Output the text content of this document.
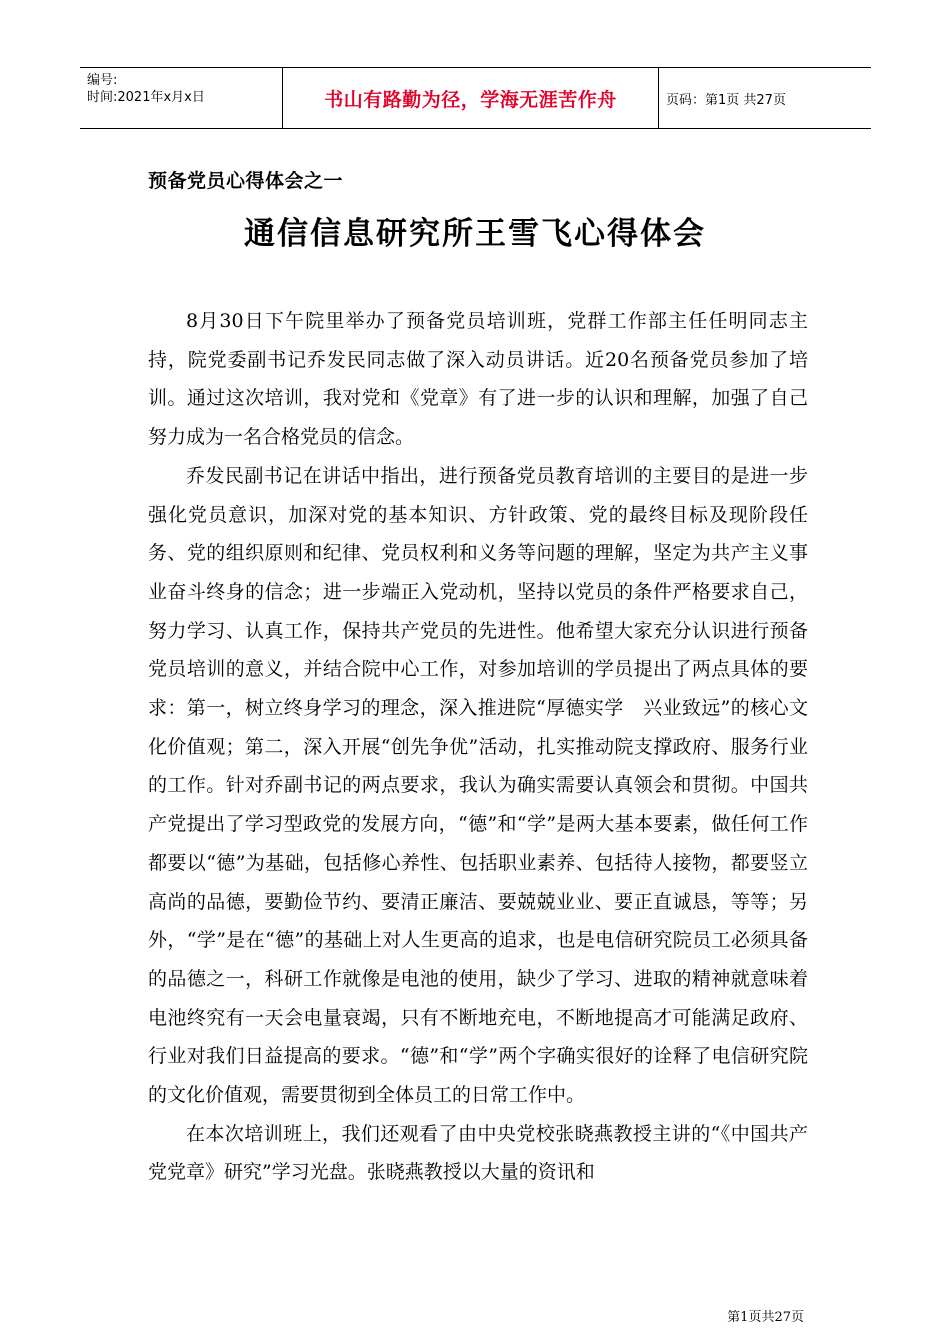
编号:
时间:2021年x月x日	书山有路勤为径，学海无涯苦作舟	页码：第1页 共27页
预备党员心得体会之一
通信信息研究所王雪飞心得体会

8月30日下午院里举办了预备党员培训班，党群工作部主任任明同志主持，院党委副书记乔发民同志做了深入动员讲话。近20名预备党员参加了培训。通过这次培训，我对党和《党章》有了进一步的认识和理解，加强了自己努力成为一名合格党员的信念。

乔发民副书记在讲话中指出，进行预备党员教育培训的主要目的是进一步强化党员意识，加深对党的基本知识、方针政策、党的最终目标及现阶段任务、党的组织原则和纪律、党员权利和义务等问题的理解，坚定为共产主义事业奋斗终身的信念；进一步端正入党动机，坚持以党员的条件严格要求自己，努力学习、认真工作，保持共产党员的先进性。他希望大家充分认识进行预备党员培训的意义，并结合院中心工作，对参加培训的学员提出了两点具体的要求：第一，树立终身学习的理念，深入推进院“厚德实学　兴业致远”的核心文化价值观；第二，深入开展“创先争优”活动，扎实推动院支撑政府、服务行业的工作。针对乔副书记的两点要求，我认为确实需要认真领会和贯彻。中国共产党提出了学习型政党的发展方向，“德”和“学”是两大基本要素，做任何工作都要以“德”为基础，包括修心养性、包括职业素养、包括待人接物，都要竖立高尚的品德，要勤俭节约、要清正廉洁、要兢兢业业、要正直诚恳，等等；另外，“学”是在“德”的基础上对人生更高的追求，也是电信研究院员工必须具备的品德之一，科研工作就像是电池的使用，缺少了学习、进取的精神就意味着电池终究有一天会电量衰竭，只有不断地充电，不断地提高才可能满足政府、行业对我们日益提高的要求。“德”和“学”两个字确实很好的诠释了电信研究院的文化价值观，需要贯彻到全体员工的日常工作中。

在本次培训班上，我们还观看了由中央党校张晓燕教授主讲的“《中国共产党党章》研究”学习光盘。张晓燕教授以大量的资讯和

第1页共27页
